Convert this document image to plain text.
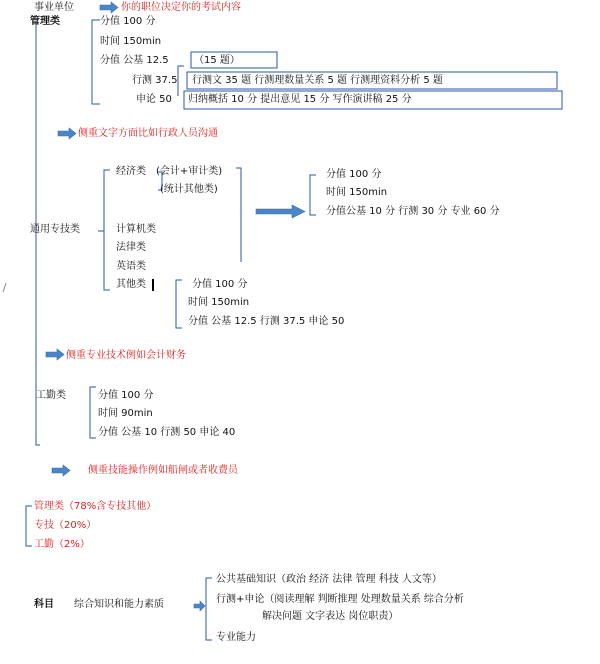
事业单位	你的职位决定你的考试内容
管理类	分值 100 分
时间 150min
分值 公基 12.5	（15 题）
行测 37.5 行测文 35 题 行测理数量关系 5 题 行测理资料分析 5 题
申论 50 归纳概括 10 分 提出意见 15 分 写作演讲稿 25 分
侧重文字方面比如行政人员沟通
经济类 (会计+审计类)
(统计其他类)
分值 100 分
时间 150min
分值公基 10 分 行测 30 分 专业 60 分
通用专技类	计算机类
法律类
英语类
其他类	分值 100 分
时间 150min
分值 公基 12.5 行测 37.5 申论 50
侧重专业技术例如会计财务
工勤类	分值 100 分
时间 90min
分值 公基 10 行测 50 申论 40
侧重技能操作例如船闸或者收费员
管理类（78%含专技其他）
专技（20%）
工勤（2%）
科目 综合知识和能力素质
公共基础知识（政治 经济 法律 管理 科技 人文等）
行测+申论（阅读理解 判断推理 处理数量关系 综合分析
解决问题 文字表达 岗位职责）
专业能力
